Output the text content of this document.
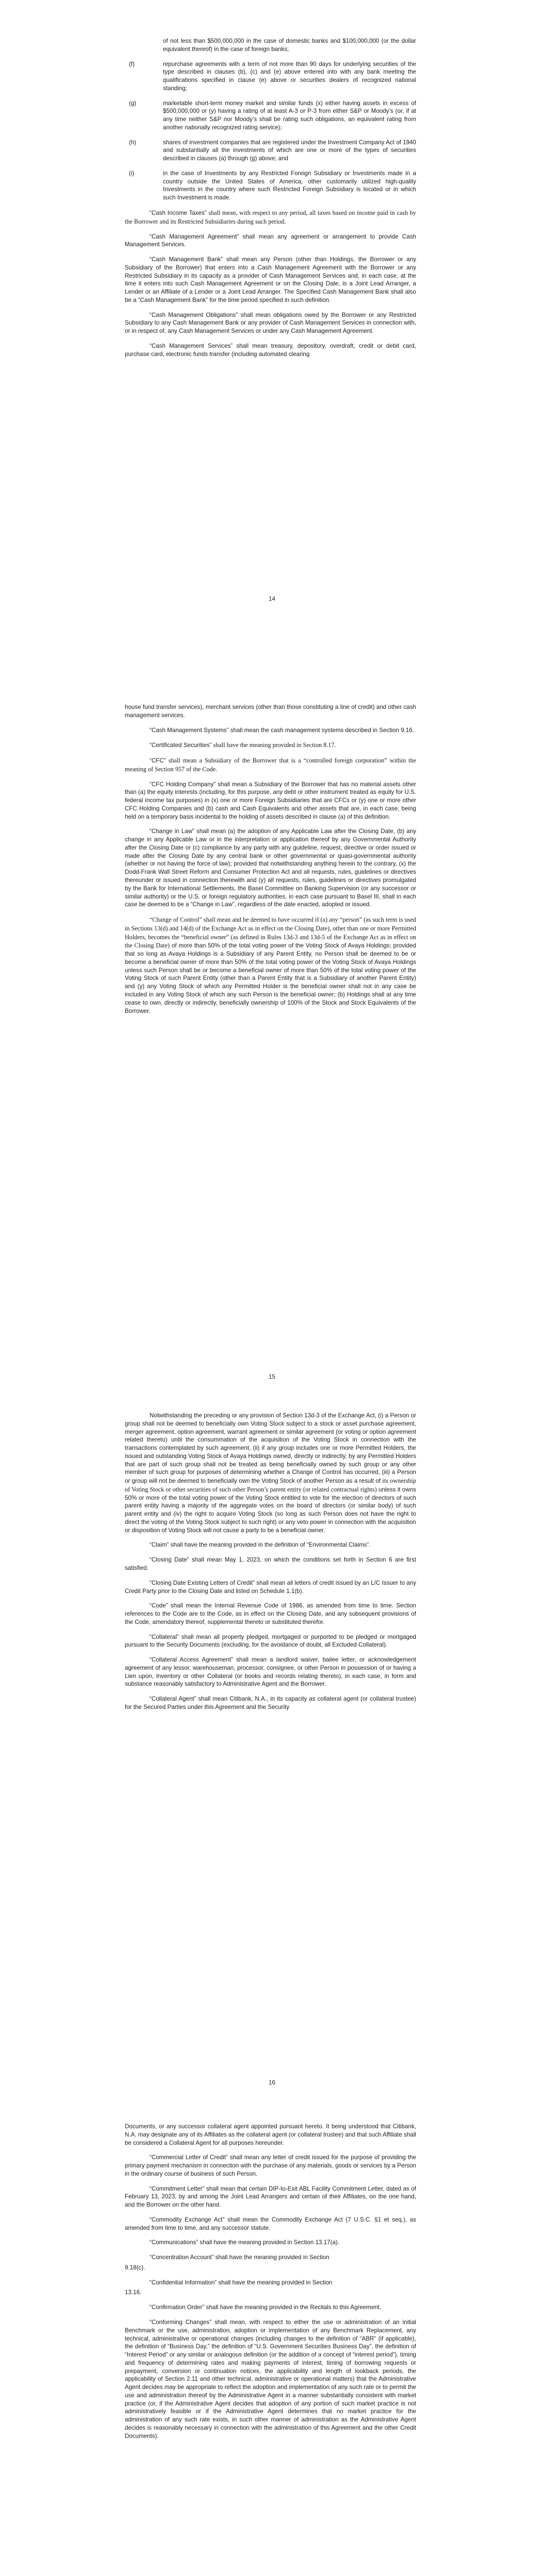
of not less than $500,000,000 in the case of domestic banks and $100,000,000 (or the dollar equivalent thereof) in the case of foreign banks;
(f)	repurchase agreements with a term of not more than 90 days for underlying securities of the type described in clauses (b), (c) and (e) above entered into with any bank meeting the qualifications specified in clause (e) above or securities dealers of recognized national standing;
(g)	marketable short-term money market and similar funds (x) either having assets in excess of $500,000,000 or (y) having a rating of at least A-3 or P-3 from either S&P or Moody’s (or, if at any time neither S&P nor Moody’s shall be rating such obligations, an equivalent rating from another nationally recognized rating service);
(h)	shares of investment companies that are registered under the Investment Company Act of 1940 and substantially all the investments of which are one or more of the types of securities described in clauses (a) through (g) above; and
(i)	in the case of Investments by any Restricted Foreign Subsidiary or Investments made in a country outside the United States of America, other customarily utilized high-quality Investments in the country where such Restricted Foreign Subsidiary is located or in which such Investment is made.

“Cash Income Taxes” shall mean, with respect to any period, all taxes based on income paid in cash by the Borrower and its Restricted Subsidiaries during such period.

“Cash Management Agreement” shall mean any agreement or arrangement to provide Cash Management Services.

“Cash Management Bank” shall mean any Person (other than Holdings, the Borrower or any Subsidiary of the Borrower) that enters into a Cash Management Agreement with the Borrower or any Restricted Subsidiary in its capacity as a provider of Cash Management Services and, in each case, at the time it enters into such Cash Management Agreement or on the Closing Date, is a Joint Lead Arranger, a Lender or an Affiliate of a Lender or a Joint Lead Arranger. The Specified Cash Management Bank shall also be a “Cash Management Bank” for the time period specified in such definition.

“Cash Management Obligations” shall mean obligations owed by the Borrower or any Restricted Subsidiary to any Cash Management Bank or any provider of Cash Management Services in connection with, or in respect of, any Cash Management Services or under any Cash Management Agreement.

“Cash Management Services” shall mean treasury, depository, overdraft, credit or debit card, purchase card, electronic funds transfer (including automated clearing

14

house fund transfer services), merchant services (other than those constituting a line of credit) and other cash management services.

“Cash Management Systems” shall mean the cash management systems described in Section 9.16.

“Certificated Securities” shall have the meaning provided in Section 8.17.

“CFC” shall mean a Subsidiary of the Borrower that is a “controlled foreign corporation” within the meaning of Section 957 of the Code.

“CFC Holding Company” shall mean a Subsidiary of the Borrower that has no material assets other than (a) the equity interests (including, for this purpose, any debt or other instrument treated as equity for U.S. federal income tax purposes) in (x) one or more Foreign Subsidiaries that are CFCs or (y) one or more other CFC Holding Companies and (b) cash and Cash Equivalents and other assets that are, in each case, being held on a temporary basis incidental to the holding of assets described in clause (a) of this definition.

“Change in Law” shall mean (a) the adoption of any Applicable Law after the Closing Date, (b) any change in any Applicable Law or in the interpretation or application thereof by any Governmental Authority after the Closing Date or (c) compliance by any party with any guideline, request, directive or order issued or made after the Closing Date by any central bank or other governmental or quasi-governmental authority (whether or not having the force of law); provided that notwithstanding anything herein to the contrary, (x) the Dodd-Frank Wall Street Reform and Consumer Protection Act and all requests, rules, guidelines or directives thereunder or issued in connection therewith and (y) all requests, rules, guidelines or directives promulgated by the Bank for International Settlements, the Basel Committee on Banking Supervision (or any successor or similar authority) or the U.S. or foreign regulatory authorities, in each case pursuant to Basel III, shall in each case be deemed to be a “Change in Law”, regardless of the date enacted, adopted or issued.

“Change of Control” shall mean and be deemed to have occurred if (a) any “person” (as such term is used in Sections 13(d) and 14(d) of the Exchange Act as in effect on the Closing Date), other than one or more Permitted Holders, becomes the “beneficial owner” (as defined in Rules 13d-3 and 13d-5 of the Exchange Act as in effect on the Closing Date) of more than 50% of the total voting power of the Voting Stock of Avaya Holdings; provided that so long as Avaya Holdings is a Subsidiary of any Parent Entity, no Person shall be deemed to be or become a beneficial owner of more than 50% of the total voting power of the Voting Stock of Avaya Holdings unless such Person shall be or become a beneficial owner of more than 50% of the total voting power of the Voting Stock of such Parent Entity (other than a Parent Entity that is a Subsidiary of another Parent Entity) and (y) any Voting Stock of which any Permitted Holder is the beneficial owner shall not in any case be included in any Voting Stock of which any such Person is the beneficial owner; (b) Holdings shall at any time cease to own, directly or indirectly, beneficially ownership of 100% of the Stock and Stock Equivalents of the Borrower.

15

Notwithstanding the preceding or any provision of Section 13d-3 of the Exchange Act, (i) a Person or group shall not be deemed to beneficially own Voting Stock subject to a stock or asset purchase agreement, merger agreement, option agreement, warrant agreement or similar agreement (or voting or option agreement related thereto) until the consummation of the acquisition of the Voting Stock in connection with the transactions contemplated by such agreement, (ii) if any group includes one or more Permitted Holders, the issued and outstanding Voting Stock of Avaya Holdings owned, directly or indirectly, by any Permitted Holders that are part of such group shall not be treated as being beneficially owned by such group or any other member of such group for purposes of determining whether a Change of Control has occurred, (iii) a Person or group will not be deemed to beneficially own the Voting Stock of another Person as a result of its ownership of Voting Stock or other securities of such other Person’s parent entity (or related contractual rights) unless it owns 50% or more of the total voting power of the Voting Stock entitled to vote for the election of directors of such parent entity having a majority of the aggregate votes on the board of directors (or similar body) of such parent entity and (iv) the right to acquire Voting Stock (so long as such Person does not have the right to direct the voting of the Voting Stock subject to such right) or any veto power in connection with the acquisition or disposition of Voting Stock will not cause a party to be a beneficial owner.

“Claim” shall have the meaning provided in the definition of “Environmental Claims”.

“Closing Date” shall mean May 1, 2023, on which the conditions set forth in Section 6 are first satisfied.

“Closing Date Existing Letters of Credit” shall mean all letters of credit issued by an L/C Issuer to any Credit Party prior to the Closing Date and listed on Schedule 1.1(b).

“Code” shall mean the Internal Revenue Code of 1986, as amended from time to time. Section references to the Code are to the Code, as in effect on the Closing Date, and any subsequent provisions of the Code, amendatory thereof, supplemental thereto or substituted therefor.

“Collateral” shall mean all property pledged, mortgaged or purported to be pledged or mortgaged pursuant to the Security Documents (excluding, for the avoidance of doubt, all Excluded Collateral).

“Collateral Access Agreement” shall mean a landlord waiver, bailee letter, or acknowledgement agreement of any lessor, warehouseman, processor, consignee, or other Person in possession of or having a Lien upon, Inventory or other Collateral (or books and records relating thereto), in each case, in form and substance reasonably satisfactory to Administrative Agent and the Borrower.

“Collateral Agent” shall mean Citibank, N.A., in its capacity as collateral agent (or collateral trustee) for the Secured Parties under this Agreement and the Security

16

Documents, or any successor collateral agent appointed pursuant hereto. It being understood that Citibank, N.A. may designate any of its Affiliates as the collateral agent (or collateral trustee) and that such Affiliate shall be considered a Collateral Agent for all purposes hereunder.

“Commercial Letter of Credit” shall mean any letter of credit issued for the purpose of providing the primary payment mechanism in connection with the purchase of any materials, goods or services by a Person in the ordinary course of business of such Person.

“Commitment Letter” shall mean that certain DIP-to-Exit ABL Facility Commitment Letter, dated as of February 13, 2023, by and among the Joint Lead Arrangers and certain of their Affiliates, on the one hand, and the Borrower on the other hand.

“Commodity Exchange Act” shall mean the Commodity Exchange Act (7 U.S.C. §1 et seq.), as amended from time to time, and any successor statute.

“Communications” shall have the meaning provided in Section 13.17(a).

“Concentration Account” shall have the meaning provided in Section

9.18(c).

“Confidential Information” shall have the meaning provided in Section

13.16.

“Confirmation Order” shall have the meaning provided in the Recitals to this Agreement.

“Conforming Changes” shall mean, with respect to either the use or administration of an initial Benchmark or the use, administration, adoption or implementation of any Benchmark Replacement, any technical, administrative or operational changes (including changes to the definition of “ABR” (if applicable), the definition of “Business Day,” the definition of “U.S. Government Securities Business Day”, the definition of “Interest Period” or any similar or analogous definition (or the addition of a concept of “interest period”), timing and frequency of determining rates and making payments of interest, timing of borrowing requests or prepayment, conversion or continuation notices, the applicability and length of lookback periods, the applicability of Section 2.11 and other technical, administrative or operational matters) that the Administrative Agent decides may be appropriate to reflect the adoption and implementation of any such rate or to permit the use and administration thereof by the Administrative Agent in a manner substantially consistent with market practice (or, if the Administrative Agent decides that adoption of any portion of such market practice is not administratively feasible or if the Administrative Agent determines that no market practice for the administration of any such rate exists, in such other manner of administration as the Administrative Agent decides is reasonably necessary in connection with the administration of this Agreement and the other Credit Documents).
